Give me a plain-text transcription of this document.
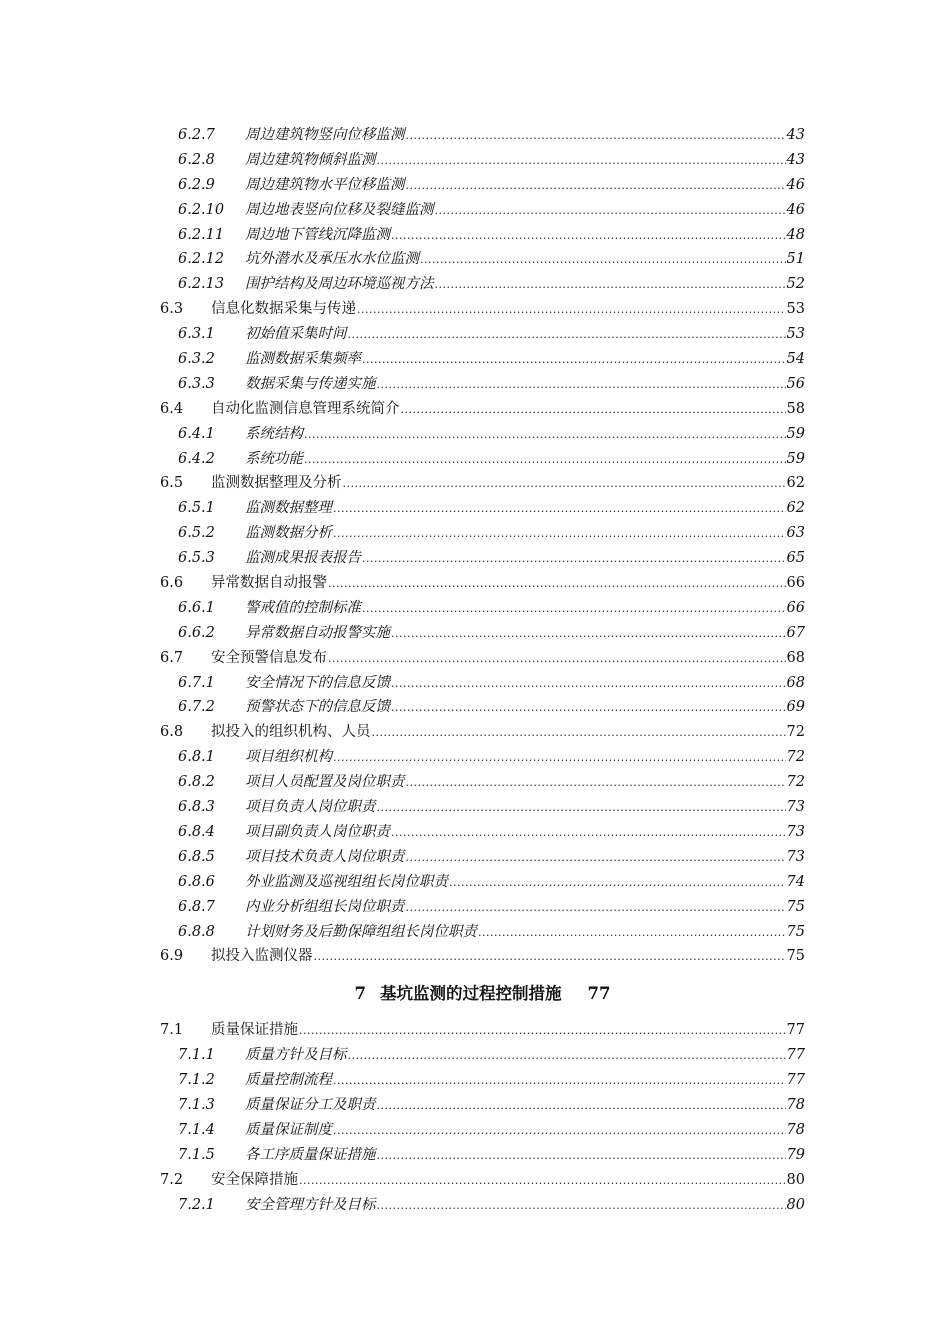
6.2.7	周边建筑物竖向位移监测 .....	43
6.2.8	周边建筑物倾斜监测 .....	43
6.2.9	周边建筑物水平位移监测 .....	46
6.2.10	周边地表竖向位移及裂缝监测 .....	46
6.2.11	周边地下管线沉降监测 .....	48
6.2.12	坑外潜水及承压水水位监测 .....	51
6.2.13	围护结构及周边环境巡视方法 .....	52
6.3	信息化数据采集与传递 .....	53
6.3.1	初始值采集时间 .....	53
6.3.2	监测数据采集频率 .....	54
6.3.3	数据采集与传递实施 .....	56
6.4	自动化监测信息管理系统简介 .....	58
6.4.1	系统结构 .....	59
6.4.2	系统功能 .....	59
6.5	监测数据整理及分析 .....	62
6.5.1	监测数据整理 .....	62
6.5.2	监测数据分析 .....	63
6.5.3	监测成果报表报告 .....	65
6.6	异常数据自动报警 .....	66
6.6.1	警戒值的控制标准 .....	66
6.6.2	异常数据自动报警实施 .....	67
6.7	安全预警信息发布 .....	68
6.7.1	安全情况下的信息反馈 .....	68
6.7.2	预警状态下的信息反馈 .....	69
6.8	拟投入的组织机构、人员 .....	72
6.8.1	项目组织机构 .....	72
6.8.2	项目人员配置及岗位职责 .....	72
6.8.3	项目负责人岗位职责 .....	73
6.8.4	项目副负责人岗位职责 .....	73
6.8.5	项目技术负责人岗位职责 .....	73
6.8.6	外业监测及巡视组组长岗位职责 .....	74
6.8.7	内业分析组组长岗位职责 .....	75
6.8.8	计划财务及后勤保障组组长岗位职责 .....	75
6.9	拟投入监测仪器 .....	75
7 基坑监测的过程控制措施 77
7.1	质量保证措施 .....	77
7.1.1	质量方针及目标 .....	77
7.1.2	质量控制流程 .....	77
7.1.3	质量保证分工及职责 .....	78
7.1.4	质量保证制度 .....	78
7.1.5	各工序质量保证措施 .....	79
7.2	安全保障措施 .....	80
7.2.1	安全管理方针及目标 .....	80
